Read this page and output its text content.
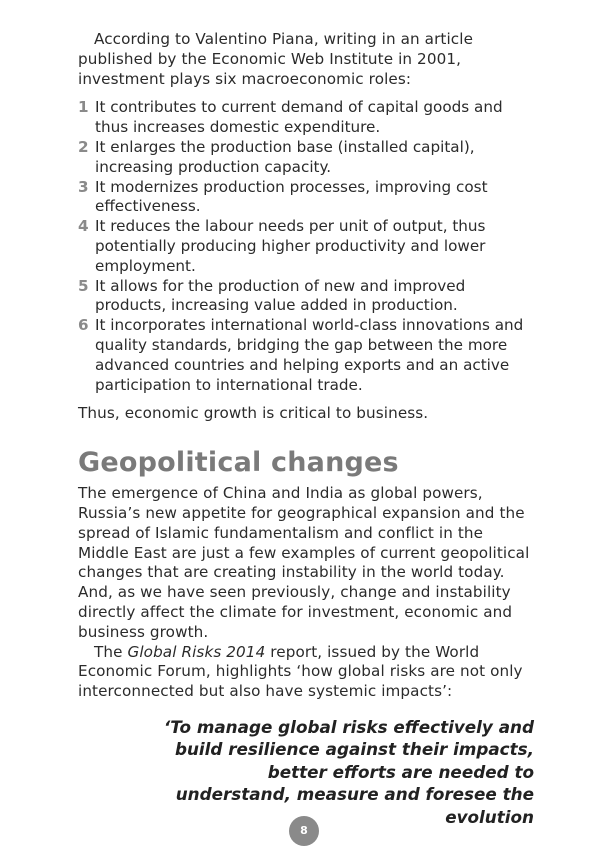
According to Valentino Piana, writing in an article published by the Economic Web Institute in 2001, investment plays six macroeconomic roles:

1 It contributes to current demand of capital goods and thus increases domestic expenditure.
2 It enlarges the production base (installed capital), increasing production capacity.
3 It modernizes production processes, improving cost effectiveness.
4 It reduces the labour needs per unit of output, thus potentially producing higher productivity and lower employment.
5 It allows for the production of new and improved products, increasing value added in production.
6 It incorporates international world-class innovations and quality standards, bridging the gap between the more advanced countries and helping exports and an active participation to international trade.

Thus, economic growth is critical to business.

Geopolitical changes

The emergence of China and India as global powers, Russia’s new appetite for geographical expansion and the spread of Islamic fundamentalism and conflict in the Middle East are just a few examples of current geopolitical changes that are creating instability in the world today. And, as we have seen previously, change and instability directly affect the climate for investment, economic and business growth.

The Global Risks 2014 report, issued by the World Economic Forum, highlights ‘how global risks are not only interconnected but also have systemic impacts’:

‘To manage global risks effectively and build resilience against their impacts, better efforts are needed to understand, measure and foresee the evolution
8
